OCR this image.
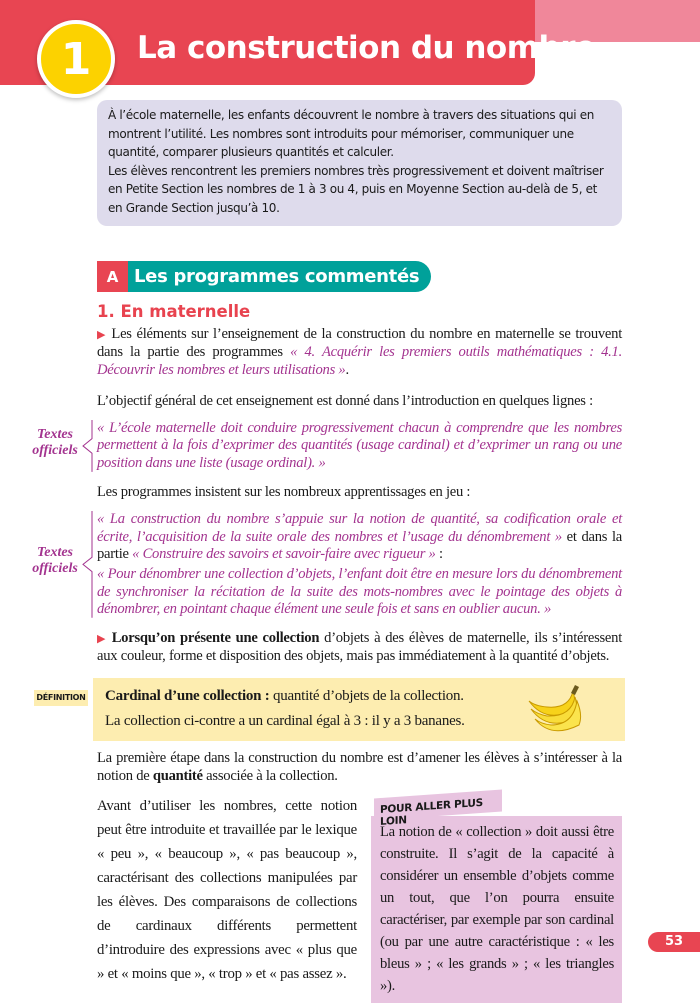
1	La construction du nombre
À l’école maternelle, les enfants découvrent le nombre à travers des situations qui en montrent l’utilité. Les nombres sont introduits pour mémoriser, communiquer une quantité, comparer plusieurs quantités et calculer.
Les élèves rencontrent les premiers nombres très progressivement et doivent maîtriser en Petite Section les nombres de 1 à 3 ou 4, puis en Moyenne Section au-delà de 5, et en Grande Section jusqu’à 10.
A Les programmes commentés
1. En maternelle
▶ Les éléments sur l’enseignement de la construction du nombre en maternelle se trouvent dans la partie des programmes « 4. Acquérir les premiers outils mathématiques : 4.1. Découvrir les nombres et leurs utilisations ».
L’objectif général de cet enseignement est donné dans l’introduction en quelques lignes :
Textes officiels
« L’école maternelle doit conduire progressivement chacun à comprendre que les nombres permettent à la fois d’exprimer des quantités (usage cardinal) et d’exprimer un rang ou une position dans une liste (usage ordinal). »
Les programmes insistent sur les nombreux apprentissages en jeu :
Textes officiels
« La construction du nombre s’appuie sur la notion de quantité, sa codification orale et écrite, l’acquisition de la suite orale des nombres et l’usage du dénombrement » et dans la partie « Construire des savoirs et savoir-faire avec rigueur » :
« Pour dénombrer une collection d’objets, l’enfant doit être en mesure lors du dénombrement de synchroniser la récitation de la suite des mots-nombres avec le pointage des objets à dénombrer, en pointant chaque élément une seule fois et sans en oublier aucun. »
▶ Lorsqu’on présente une collection d’objets à des élèves de maternelle, ils s’intéressent aux couleur, forme et disposition des objets, mais pas immédiatement à la quantité d’objets.
DÉFINITION Cardinal d’une collection : quantité d’objets de la collection.
La collection ci-contre a un cardinal égal à 3 : il y a 3 bananes.
La première étape dans la construction du nombre est d’amener les élèves à s’intéresser à la notion de quantité associée à la collection.
Avant d’utiliser les nombres, cette notion peut être introduite et travaillée par le lexique « peu », « beaucoup », « pas beaucoup », caractérisant des collections manipulées par les élèves. Des comparaisons de collections de cardinaux différents permettent d’introduire des expressions avec « plus que » et « moins que », « trop » et « pas assez ».
POUR ALLER PLUS LOIN
La notion de « collection » doit aussi être construite. Il s’agit de la capacité à considérer un ensemble d’objets comme un tout, que l’on pourra ensuite caractériser, par exemple par son cardinal (ou par une autre caractéristique : « les bleus » ; « les grands » ; « les triangles »).
53
